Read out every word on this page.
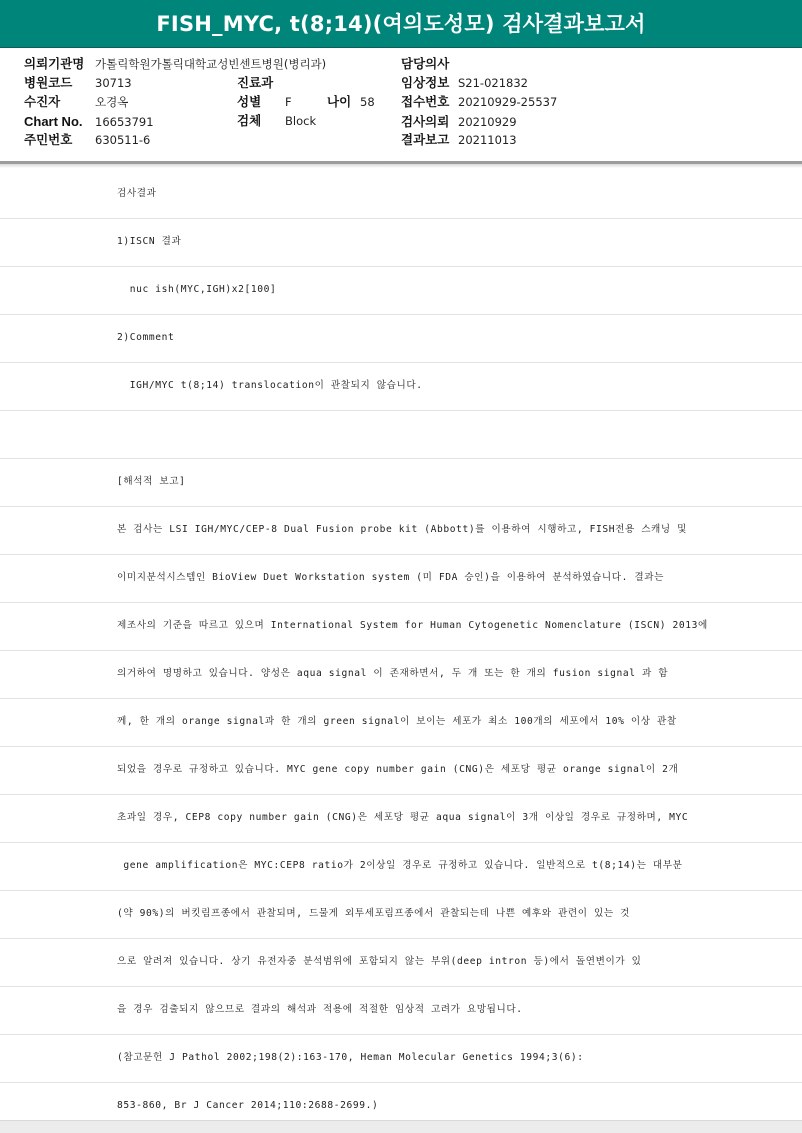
FISH_MYC, t(8;14)(여의도성모) 검사결과보고서
의뢰기관명 가톨릭학원가톨릭대학교성빈센트병원(병리과)
병원코드 30713
수진자	오경옥
Chart No. 16653791
주민번호 630511-6
진료과
성별 F	나이 58
검체 Block
담당의사
임상정보 S21-021832
접수번호 20210929-25537
검사의뢰 20210929
결과보고 20211013
검사결과
1)ISCN 결과
nuc ish(MYC,IGH)x2[100]
2)Comment
IGH/MYC t(8;14) translocation이 관찰되지 않습니다.
[해석적 보고]
본 검사는 LSI IGH/MYC/CEP-8 Dual Fusion probe kit (Abbott)를 이용하여 시행하고, FISH전용 스캐닝 및
이미지분석시스템인 BioView Duet Workstation system (미 FDA 승인)을 이용하여 분석하였습니다. 결과는
제조사의 기준을 따르고 있으며 International System for Human Cytogenetic Nomenclature (ISCN) 2013에
의거하여 명명하고 있습니다. 양성은 aqua signal 이 존재하면서, 두 개 또는 한 개의 fusion signal 과 함
께, 한 개의 orange signal과 한 개의 green signal이 보이는 세포가 최소 100개의 세포에서 10% 이상 관찰
되었을 경우로 규정하고 있습니다. MYC gene copy number gain (CNG)은 세포당 평균 orange signal이 2개
초과일 경우, CEP8 copy number gain (CNG)은 세포당 평균 aqua signal이 3개 이상일 경우로 규정하며, MYC
gene amplification은 MYC:CEP8 ratio가 2이상일 경우로 규정하고 있습니다. 일반적으로 t(8;14)는 대부분
(약 90%)의 버킷림프종에서 관찰되며, 드물게 외투세포림프종에서 관찰되는데 나쁜 예후와 관련이 있는 것
으로 알려져 있습니다. 상기 유전자중 분석범위에 포함되지 않는 부위(deep intron 등)에서 돌연변이가 있
을 경우 검출되지 않으므로 결과의 해석과 적용에 적절한 임상적 고려가 요망됩니다.
(참고문헌 J Pathol 2002;198(2):163-170, Heman Molecular Genetics 1994;3(6):
853-860, Br J Cancer 2014;110:2688-2699.)
